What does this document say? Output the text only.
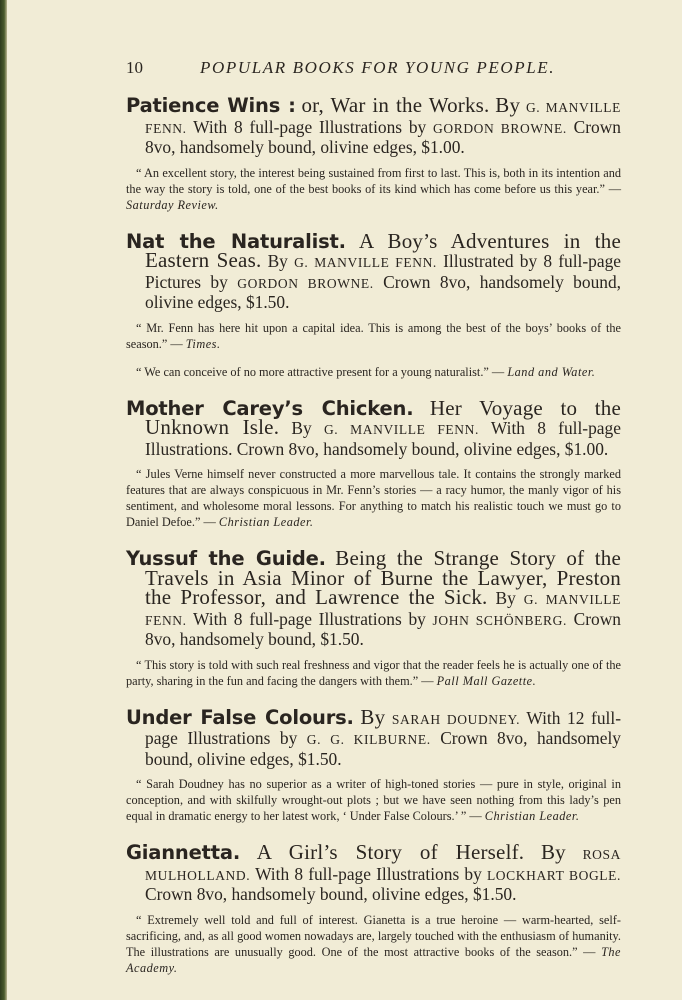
10	POPULAR BOOKS FOR YOUNG PEOPLE.
Patience Wins : or, War in the Works. By G. MANVILLE FENN. With 8 full-page Illustrations by GORDON BROWNE. Crown 8vo, handsomely bound, olivine edges, $1.00.

“ An excellent story, the interest being sustained from first to last. This is, both in its intention and the way the story is told, one of the best books of its kind which has come before us this year.” — Saturday Review.

Nat the Naturalist. A Boy’s Adventures in the Eastern Seas. By G. MANVILLE FENN. Illustrated by 8 full-page Pictures by GORDON BROWNE. Crown 8vo, handsomely bound, olivine edges, $1.50.

“ Mr. Fenn has here hit upon a capital idea. This is among the best of the boys’ books of the season.” — Times.

“ We can conceive of no more attractive present for a young naturalist.” — Land and Water.

Mother Carey’s Chicken. Her Voyage to the Unknown Isle. By G. MANVILLE FENN. With 8 full-page Illustrations. Crown 8vo, handsomely bound, olivine edges, $1.00.

“ Jules Verne himself never constructed a more marvellous tale. It contains the strongly marked features that are always conspicuous in Mr. Fenn’s stories — a racy humor, the manly vigor of his sentiment, and wholesome moral lessons. For anything to match his realistic touch we must go to Daniel Defoe.” — Christian Leader.

Yussuf the Guide. Being the Strange Story of the Travels in Asia Minor of Burne the Lawyer, Preston the Professor, and Lawrence the Sick. By G. MANVILLE FENN. With 8 full-page Illustrations by JOHN SCHÖNBERG. Crown 8vo, handsomely bound, $1.50.

“ This story is told with such real freshness and vigor that the reader feels he is actually one of the party, sharing in the fun and facing the dangers with them.” — Pall Mall Gazette.

Under False Colours. By SARAH DOUDNEY. With 12 full-page Illustrations by G. G. KILBURNE. Crown 8vo, handsomely bound, olivine edges, $1.50.

“ Sarah Doudney has no superior as a writer of high-toned stories — pure in style, original in conception, and with skilfully wrought-out plots ; but we have seen nothing from this lady’s pen equal in dramatic energy to her latest work, ‘ Under False Colours.’ ” — Christian Leader.

Giannetta. A Girl’s Story of Herself. By ROSA MULHOLLAND. With 8 full-page Illustrations by LOCKHART BOGLE. Crown 8vo, handsomely bound, olivine edges, $1.50.

“ Extremely well told and full of interest. Gianetta is a true heroine — warm-hearted, self-sacrificing, and, as all good women nowadays are, largely touched with the enthusiasm of humanity. The illustrations are unusually good. One of the most attractive books of the season.” — The Academy.
